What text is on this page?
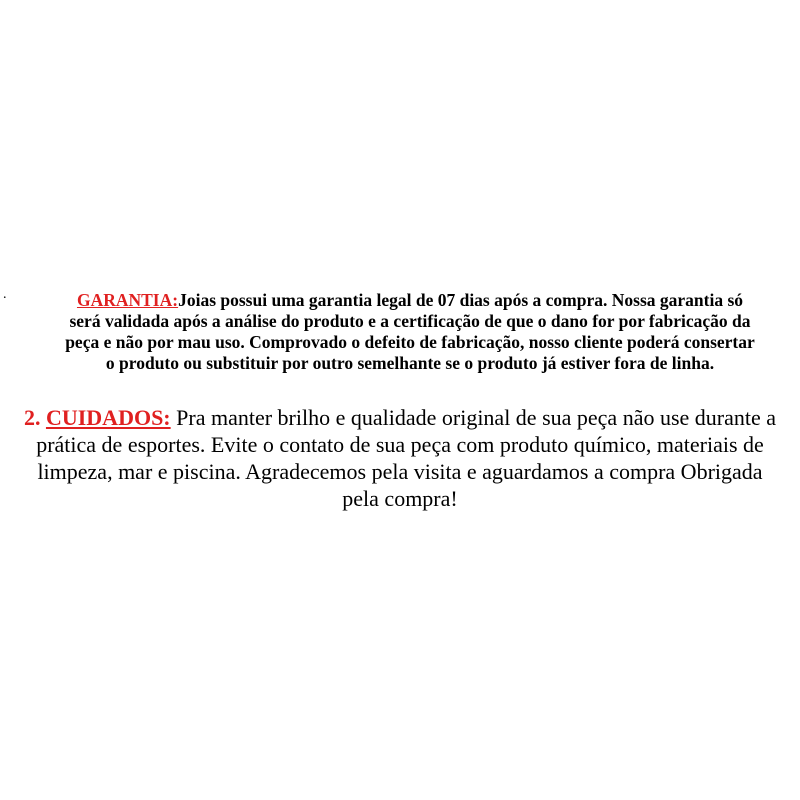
.	GARANTIA:Joias possui uma garantia legal de 07 dias após a compra. Nossa garantia só será validada após a análise do produto e a certificação de que o dano for por fabricação da peça e não por mau uso. Comprovado o defeito de fabricação, nosso cliente poderá consertar o produto ou substituir por outro semelhante se o produto já estiver fora de linha.
2. CUIDADOS: Pra manter brilho e qualidade original de sua peça não use durante a prática de esportes. Evite o contato de sua peça com produto químico, materiais de limpeza, mar e piscina. Agradecemos pela visita e aguardamos a compra Obrigada pela compra!
